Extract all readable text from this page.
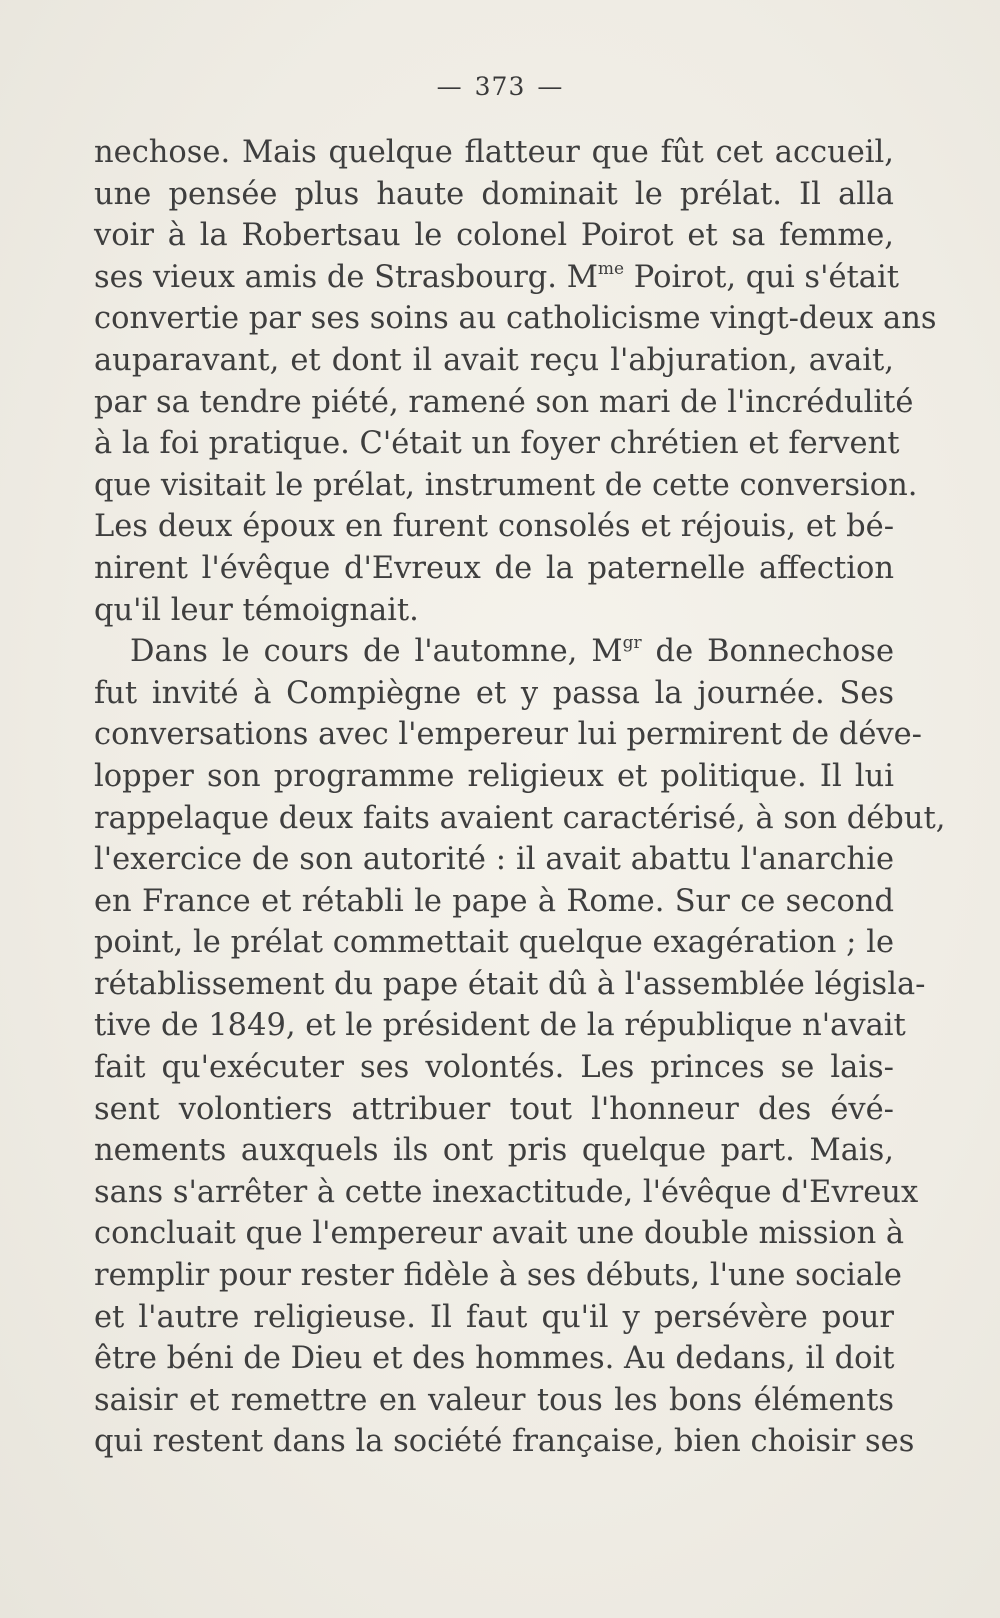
— 373 —
nechose. Mais quelque flatteur que fût cet accueil,
une pensée plus haute dominait le prélat. Il alla
voir à la Robertsau le colonel Poirot et sa femme,
ses vieux amis de Strasbourg. $M^{me}$ Poirot, qui s'était
convertie par ses soins au catholicisme vingt-deux ans
auparavant, et dont il avait reçu l'abjuration, avait,
par sa tendre piété, ramené son mari de l'incrédulité
à la foi pratique. C'était un foyer chrétien et fervent
que visitait le prélat, instrument de cette conversion.
Les deux époux en furent consolés et réjouis, et bé-
nirent l'évêque d'Evreux de la paternelle affection
qu'il leur témoignait.
Dans le cours de l'automne, $M^{gr}$ de Bonnechose
fut invité à Compiègne et y passa la journée. Ses
conversations avec l'empereur lui permirent de déve-
lopper son programme religieux et politique. Il lui
rappelaque deux faits avaient caractérisé, à son début,
l'exercice de son autorité : il avait abattu l'anarchie
en France et rétabli le pape à Rome. Sur ce second
point, le prélat commettait quelque exagération ; le
rétablissement du pape était dû à l'assemblée législa-
tive de 1849, et le président de la république n'avait
fait qu'exécuter ses volontés. Les princes se lais-
sent volontiers attribuer tout l'honneur des évé-
nements auxquels ils ont pris quelque part. Mais,
sans s'arrêter à cette inexactitude, l'évêque d'Evreux
concluait que l'empereur avait une double mission à
remplir pour rester fidèle à ses débuts, l'une sociale
et l'autre religieuse. Il faut qu'il y persévère pour
être béni de Dieu et des hommes. Au dedans, il doit
saisir et remettre en valeur tous les bons éléments
qui restent dans la société française, bien choisir ses
